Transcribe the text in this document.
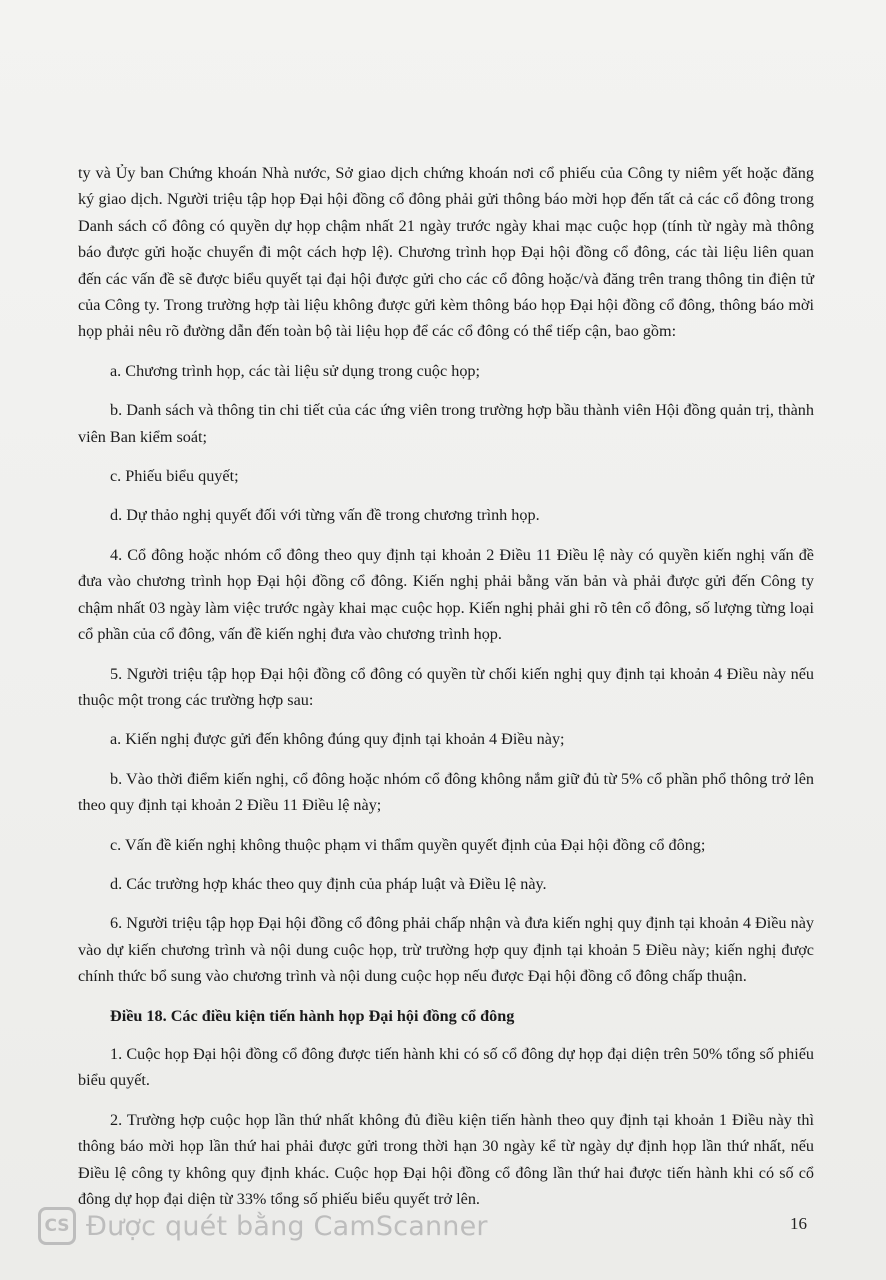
ty và Ủy ban Chứng khoán Nhà nước, Sở giao dịch chứng khoán nơi cổ phiếu của Công ty niêm yết hoặc đăng ký giao dịch. Người triệu tập họp Đại hội đồng cổ đông phải gửi thông báo mời họp đến tất cả các cổ đông trong Danh sách cổ đông có quyền dự họp chậm nhất 21 ngày trước ngày khai mạc cuộc họp (tính từ ngày mà thông báo được gửi hoặc chuyển đi một cách hợp lệ). Chương trình họp Đại hội đồng cổ đông, các tài liệu liên quan đến các vấn đề sẽ được biểu quyết tại đại hội được gửi cho các cổ đông hoặc/và đăng trên trang thông tin điện tử của Công ty. Trong trường hợp tài liệu không được gửi kèm thông báo họp Đại hội đồng cổ đông, thông báo mời họp phải nêu rõ đường dẫn đến toàn bộ tài liệu họp để các cổ đông có thể tiếp cận, bao gồm:

a. Chương trình họp, các tài liệu sử dụng trong cuộc họp;

b. Danh sách và thông tin chi tiết của các ứng viên trong trường hợp bầu thành viên Hội đồng quản trị, thành viên Ban kiểm soát;

c. Phiếu biểu quyết;

d. Dự thảo nghị quyết đối với từng vấn đề trong chương trình họp.

4. Cổ đông hoặc nhóm cổ đông theo quy định tại khoản 2 Điều 11 Điều lệ này có quyền kiến nghị vấn đề đưa vào chương trình họp Đại hội đồng cổ đông. Kiến nghị phải bằng văn bản và phải được gửi đến Công ty chậm nhất 03 ngày làm việc trước ngày khai mạc cuộc họp. Kiến nghị phải ghi rõ tên cổ đông, số lượng từng loại cổ phần của cổ đông, vấn đề kiến nghị đưa vào chương trình họp.

5. Người triệu tập họp Đại hội đồng cổ đông có quyền từ chối kiến nghị quy định tại khoản 4 Điều này nếu thuộc một trong các trường hợp sau:

a. Kiến nghị được gửi đến không đúng quy định tại khoản 4 Điều này;

b. Vào thời điểm kiến nghị, cổ đông hoặc nhóm cổ đông không nắm giữ đủ từ 5% cổ phần phổ thông trở lên theo quy định tại khoản 2 Điều 11 Điều lệ này;

c. Vấn đề kiến nghị không thuộc phạm vi thẩm quyền quyết định của Đại hội đồng cổ đông;

d. Các trường hợp khác theo quy định của pháp luật và Điều lệ này.

6. Người triệu tập họp Đại hội đồng cổ đông phải chấp nhận và đưa kiến nghị quy định tại khoản 4 Điều này vào dự kiến chương trình và nội dung cuộc họp, trừ trường hợp quy định tại khoản 5 Điều này; kiến nghị được chính thức bổ sung vào chương trình và nội dung cuộc họp nếu được Đại hội đồng cổ đông chấp thuận.

Điều 18. Các điều kiện tiến hành họp Đại hội đồng cổ đông

1. Cuộc họp Đại hội đồng cổ đông được tiến hành khi có số cổ đông dự họp đại diện trên 50% tổng số phiếu biểu quyết.

2. Trường hợp cuộc họp lần thứ nhất không đủ điều kiện tiến hành theo quy định tại khoản 1 Điều này thì thông báo mời họp lần thứ hai phải được gửi trong thời hạn 30 ngày kể từ ngày dự định họp lần thứ nhất, nếu Điều lệ công ty không quy định khác. Cuộc họp Đại hội đồng cổ đông lần thứ hai được tiến hành khi có số cổ đông dự họp đại diện từ 33% tổng số phiếu biểu quyết trở lên.

CS Được quét bằng CamScanner	16
